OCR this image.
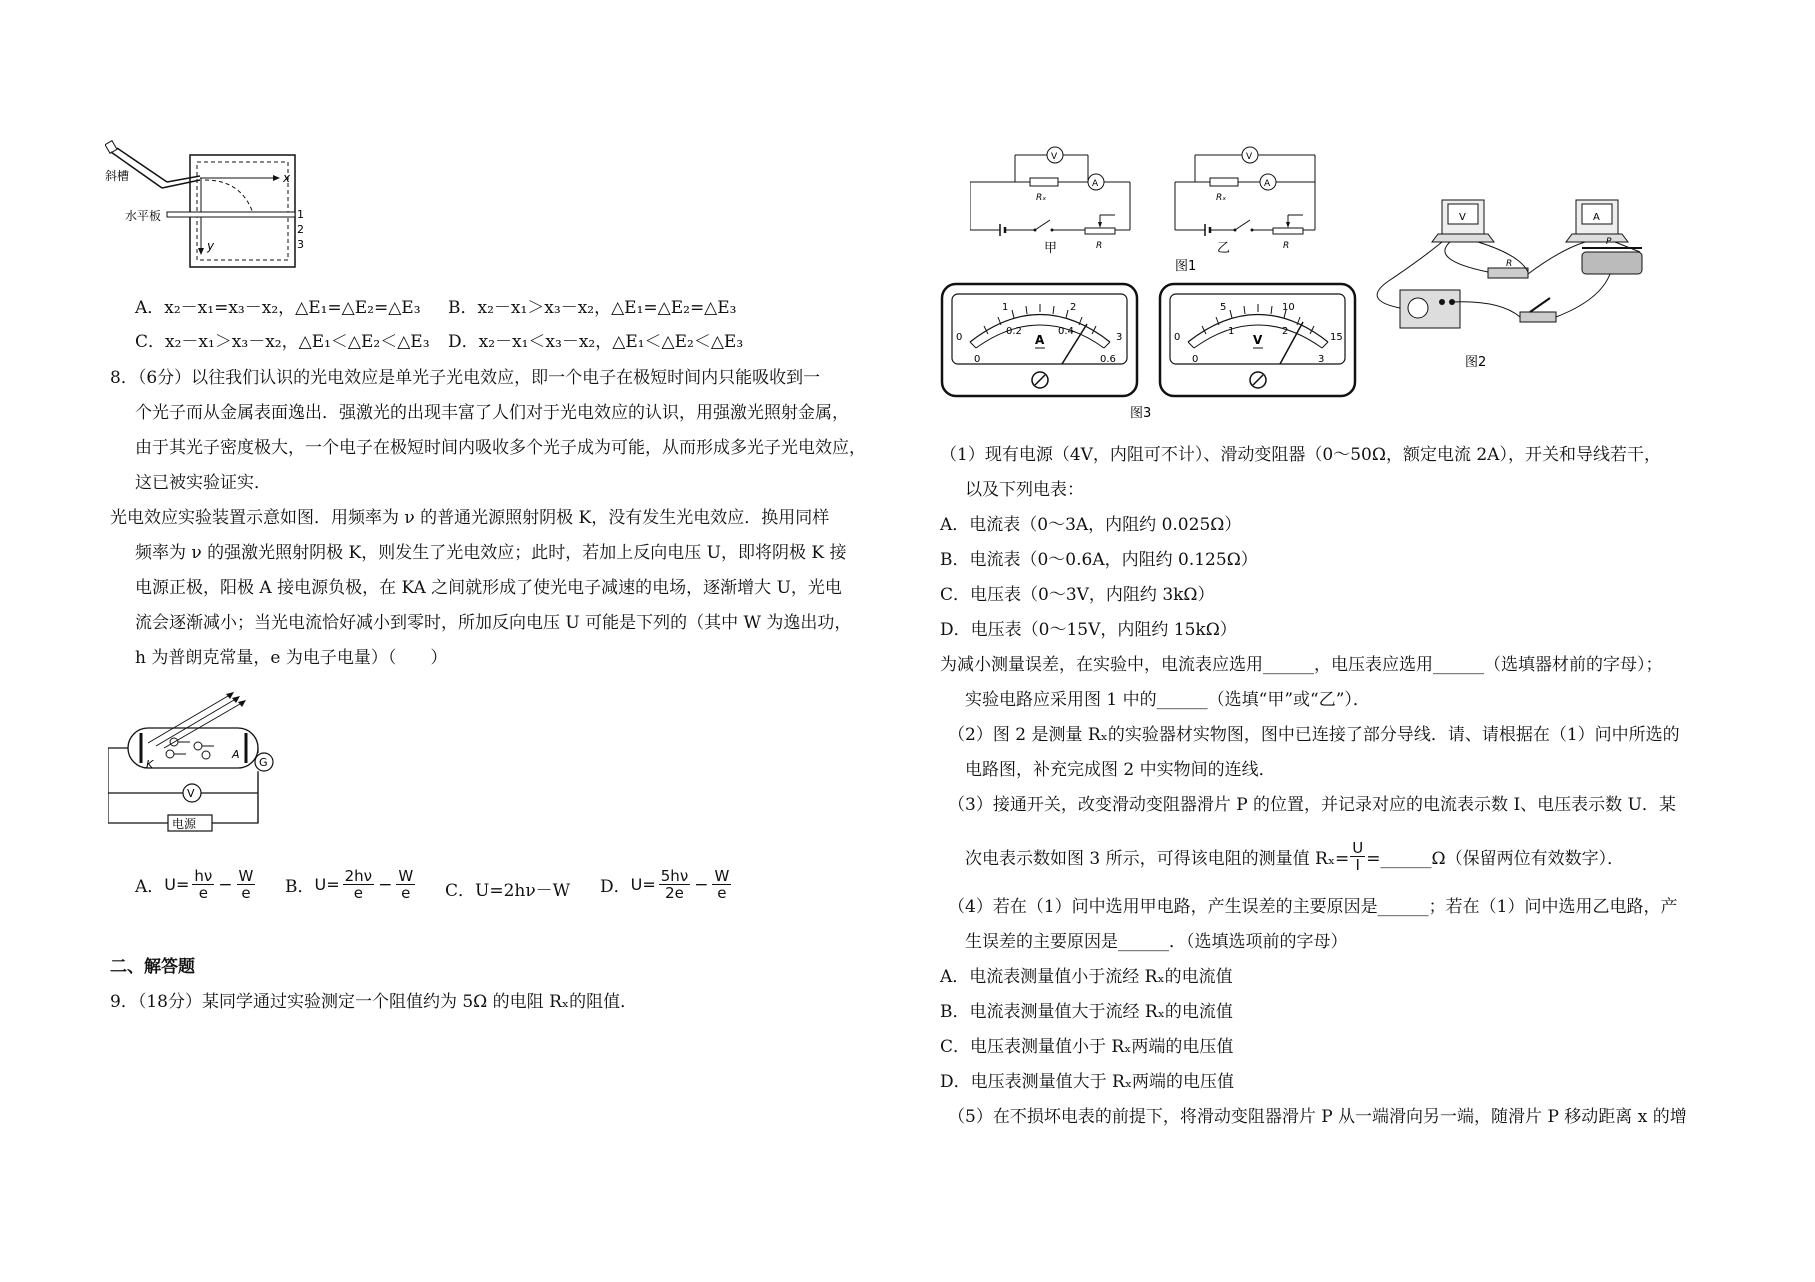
x
y
1
2
3
斜槽
水平板
A．x₂－x₁=x₃－x₂，△E₁=△E₂=△E₃ B．x₂－x₁＞x₃－x₂，△E₁=△E₂=△E₃
C．x₂－x₁＞x₃－x₂，△E₁＜△E₂＜△E₃ D．x₂－x₁＜x₃－x₂，△E₁＜△E₂＜△E₃
8．（6分）以往我们认识的光电效应是单光子光电效应，即一个电子在极短时间内只能吸收到一
个光子而从金属表面逸出．强激光的出现丰富了人们对于光电效应的认识，用强激光照射金属，
由于其光子密度极大，一个电子在极短时间内吸收多个光子成为可能，从而形成多光子光电效应，
这已被实验证实．
光电效应实验装置示意如图．用频率为 ν 的普通光源照射阴极 K，没有发生光电效应．换用同样
频率为 ν 的强激光照射阴极 K，则发生了光电效应；此时，若加上反向电压 U，即将阴极 K 接
电源正极，阳极 A 接电源负极，在 KA 之间就形成了使光电子减速的电场，逐渐增大 U，光电
流会逐渐减小；当光电流恰好减小到零时，所加反向电压 U 可能是下列的（其中 W 为逸出功，
h 为普朗克常量，e 为电子电量）（　　）
K
A
G
V
电源
A． $U= \frac{h\nu}{e} - \frac{W}{e}$ B． $U= \frac{2h\nu}{e} - \frac{W}{e}$ C．U=2hν－W D． $U= \frac{5h\nu}{2e} - \frac{W}{e}$
二、解答题
9．（18分）某同学通过实验测定一个阻值约为 5Ω 的电阻 Rₓ的阻值．
V
Rₓ
A
R
甲
V
Rₓ
A
R
乙
图1
0
1	2
3
0
0.2	0.4
0.6
A	0
5	10
15
0
1	2
3
V
图3
V	A
R
P
图2
（1）现有电源（4V，内阻可不计）、滑动变阻器（0～50Ω，额定电流 2A），开关和导线若干，
以及下列电表：
A．电流表（0～3A，内阻约 0.025Ω）
B．电流表（0～0.6A，内阻约 0.125Ω）
C．电压表（0～3V，内阻约 3kΩ）
D．电压表（0～15V，内阻约 15kΩ）
为减小测量误差，在实验中，电流表应选用______，电压表应选用______（选填器材前的字母）；
实验电路应采用图 1 中的______（选填“甲”或“乙”）．
（2）图 2 是测量 Rₓ的实验器材实物图，图中已连接了部分导线．请、请根据在（1）问中所选的
电路图，补充完成图 2 中实物间的连线．
（3）接通开关，改变滑动变阻器滑片 P 的位置，并记录对应的电流表示数 I、电压表示数 U．某
次电表示数如图 3 所示，可得该电阻的测量值 $R_x= \frac{U}{I}$ =______Ω（保留两位有效数字）．
（4）若在（1）问中选用甲电路，产生误差的主要原因是______；若在（1）问中选用乙电路，产
生误差的主要原因是______．（选填选项前的字母）
A．电流表测量值小于流经 Rₓ的电流值
B．电流表测量值大于流经 Rₓ的电流值
C．电压表测量值小于 Rₓ两端的电压值
D．电压表测量值大于 Rₓ两端的电压值
（5）在不损坏电表的前提下，将滑动变阻器滑片 P 从一端滑向另一端，随滑片 P 移动距离 x 的增
